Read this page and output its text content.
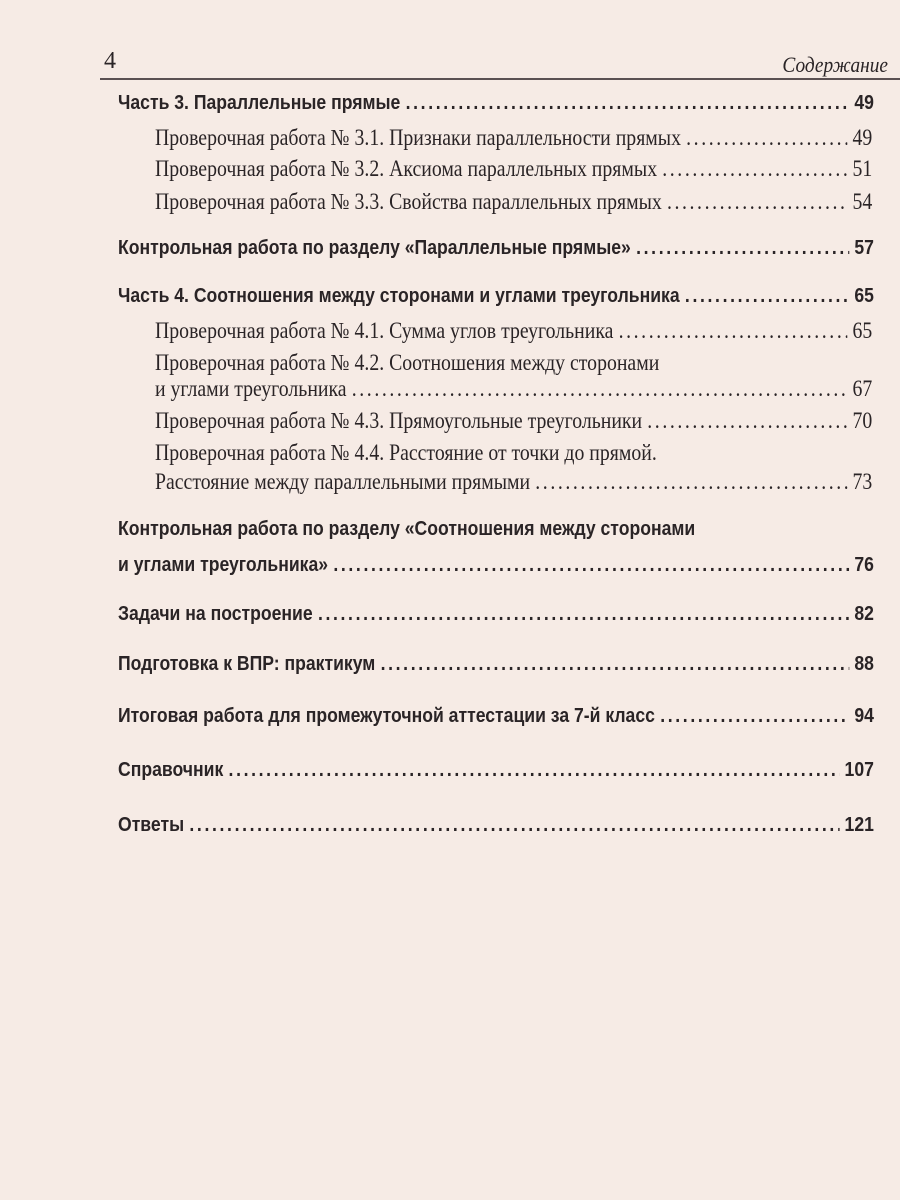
4	Содержание
Часть 3. Параллельные прямые .....	49
Проверочная работа № 3.1. Признаки параллельности прямых .....	49
Проверочная работа № 3.2. Аксиома параллельных прямых .....	51
Проверочная работа № 3.3. Свойства параллельных прямых .....	54
Контрольная работа по разделу «Параллельные прямые» .....	57
Часть 4. Соотношения между сторонами и углами треугольника .....	65
Проверочная работа № 4.1. Сумма углов треугольника .....	65
Проверочная работа № 4.2. Соотношения между сторонами
и углами треугольника .....	67
Проверочная работа № 4.3. Прямоугольные треугольники .....	70
Проверочная работа № 4.4. Расстояние от точки до прямой.
Расстояние между параллельными прямыми .....	73
Контрольная работа по разделу «Соотношения между сторонами
и углами треугольника» .....	76
Задачи на построение .....	82
Подготовка к ВПР: практикум .....	88
Итоговая работа для промежуточной аттестации за 7-й класс .....	94
Справочник .....	107
Ответы .....	121
